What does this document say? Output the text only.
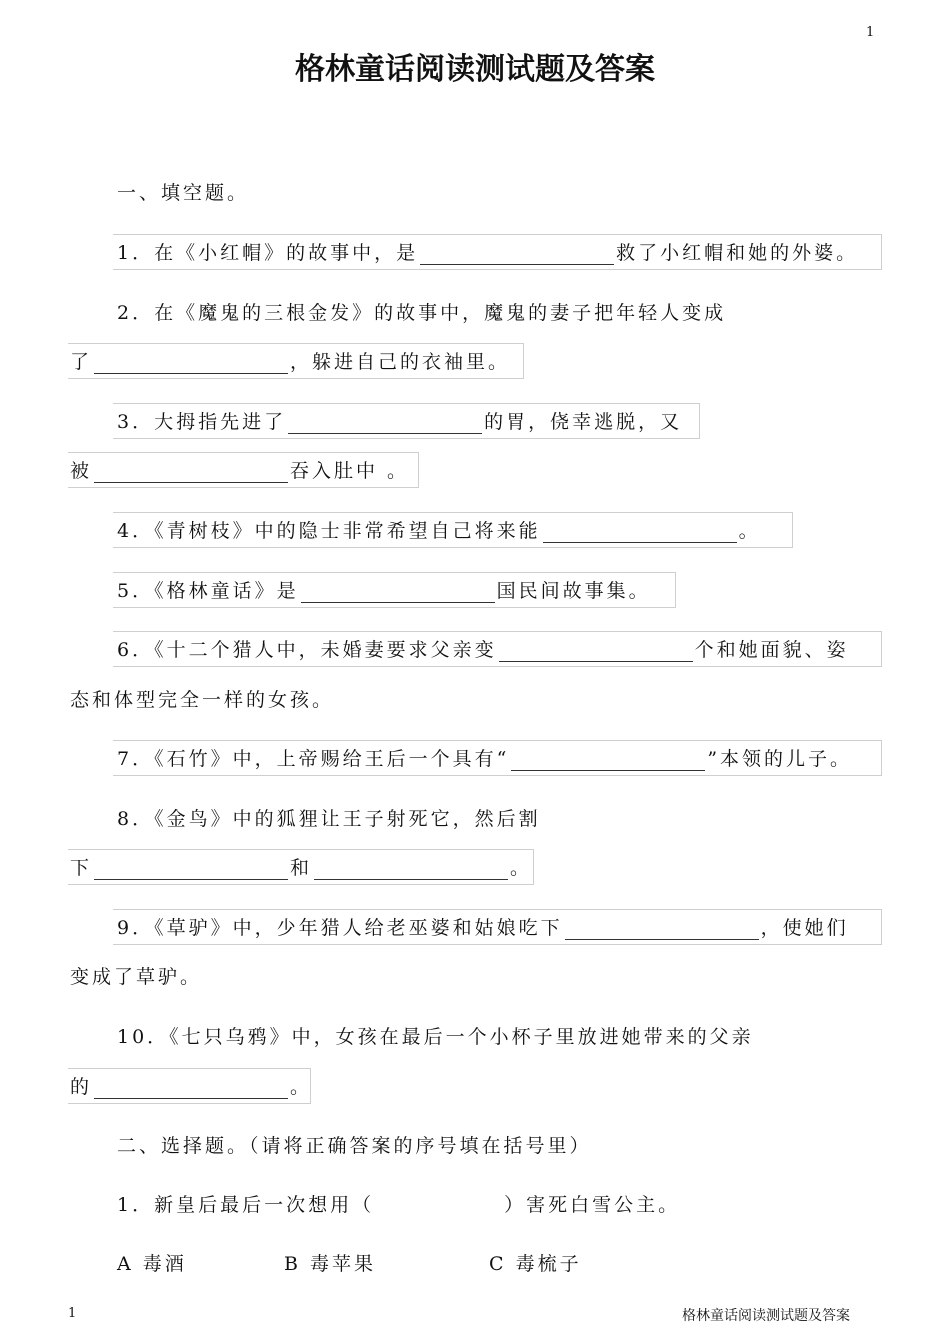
1
格林童话阅读测试题及答案
一、填空题。
1．在《小红帽》的故事中，是	救了小红帽和她的外婆。
2．在《魔鬼的三根金发》的故事中，魔鬼的妻子把年轻人变成
了	，躲进自己的衣袖里。
3．大拇指先进了	的胃，侥幸逃脱，又
被	吞入肚中 。
4．《青树枝》中的隐士非常希望自己将来能	。
5．《格林童话》是	国民间故事集。
6．《十二个猎人中，未婚妻要求父亲变	个和她面貌、姿
态和体型完全一样的女孩。
7．《石竹》中，上帝赐给王后一个具有“	”本领的儿子。
8．《金鸟》中的狐狸让王子射死它，然后割
下	和	。
9．《草驴》中，少年猎人给老巫婆和姑娘吃下	，使她们
变成了草驴。
10．《七只乌鸦》中，女孩在最后一个小杯子里放进她带来的父亲
的	。
二、选择题。（请将正确答案的序号填在括号里）
1．新皇后最后一次想用（	）害死白雪公主。
A 毒酒	B 毒苹果	C 毒梳子
1	格林童话阅读测试题及答案
